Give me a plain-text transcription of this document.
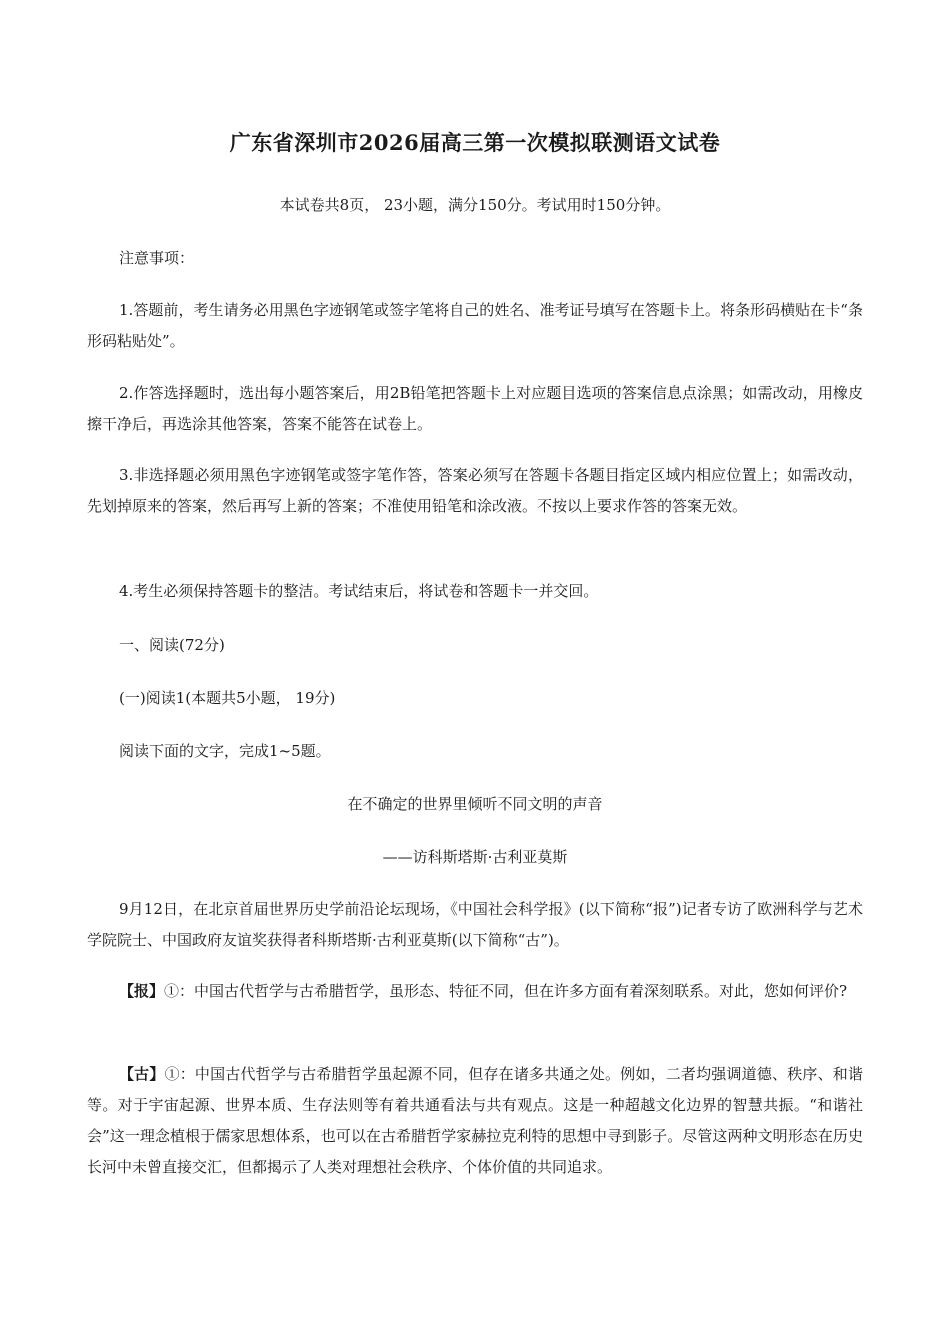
广东省深圳市2026届高三第一次模拟联测语文试卷

本试卷共8页， 23小题，满分150分。考试用时150分钟。

注意事项：

1.答题前，考生请务必用黑色字迹钢笔或签字笔将自己的姓名、准考证号填写在答题卡上。将条形码横贴在卡“条形码粘贴处”。

2.作答选择题时，选出每小题答案后，用2B铅笔把答题卡上对应题目选项的答案信息点涂黑；如需改动，用橡皮擦干净后，再选涂其他答案，答案不能答在试卷上。

3.非选择题必须用黑色字迹钢笔或签字笔作答，答案必须写在答题卡各题目指定区域内相应位置上；如需改动，先划掉原来的答案，然后再写上新的答案；不准使用铅笔和涂改液。不按以上要求作答的答案无效。

4.考生必须保持答题卡的整洁。考试结束后，将试卷和答题卡一并交回。

一、阅读(72分)

(一)阅读1(本题共5小题， 19分)

阅读下面的文字，完成1~5题。

在不确定的世界里倾听不同文明的声音

——访科斯塔斯·古利亚莫斯

9月12日，在北京首届世界历史学前沿论坛现场，《中国社会科学报》(以下简称“报”)记者专访了欧洲科学与艺术学院院士、中国政府友谊奖获得者科斯塔斯·古利亚莫斯(以下简称“古”)。

【报】①：中国古代哲学与古希腊哲学，虽形态、特征不同，但在许多方面有着深刻联系。对此，您如何评价?

【古】①：中国古代哲学与古希腊哲学虽起源不同，但存在诸多共通之处。例如，二者均强调道德、秩序、和谐等。对于宇宙起源、世界本质、生存法则等有着共通看法与共有观点。这是一种超越文化边界的智慧共振。“和谐社会”这一理念植根于儒家思想体系，也可以在古希腊哲学家赫拉克利特的思想中寻到影子。尽管这两种文明形态在历史长河中未曾直接交汇，但都揭示了人类对理想社会秩序、个体价值的共同追求。
